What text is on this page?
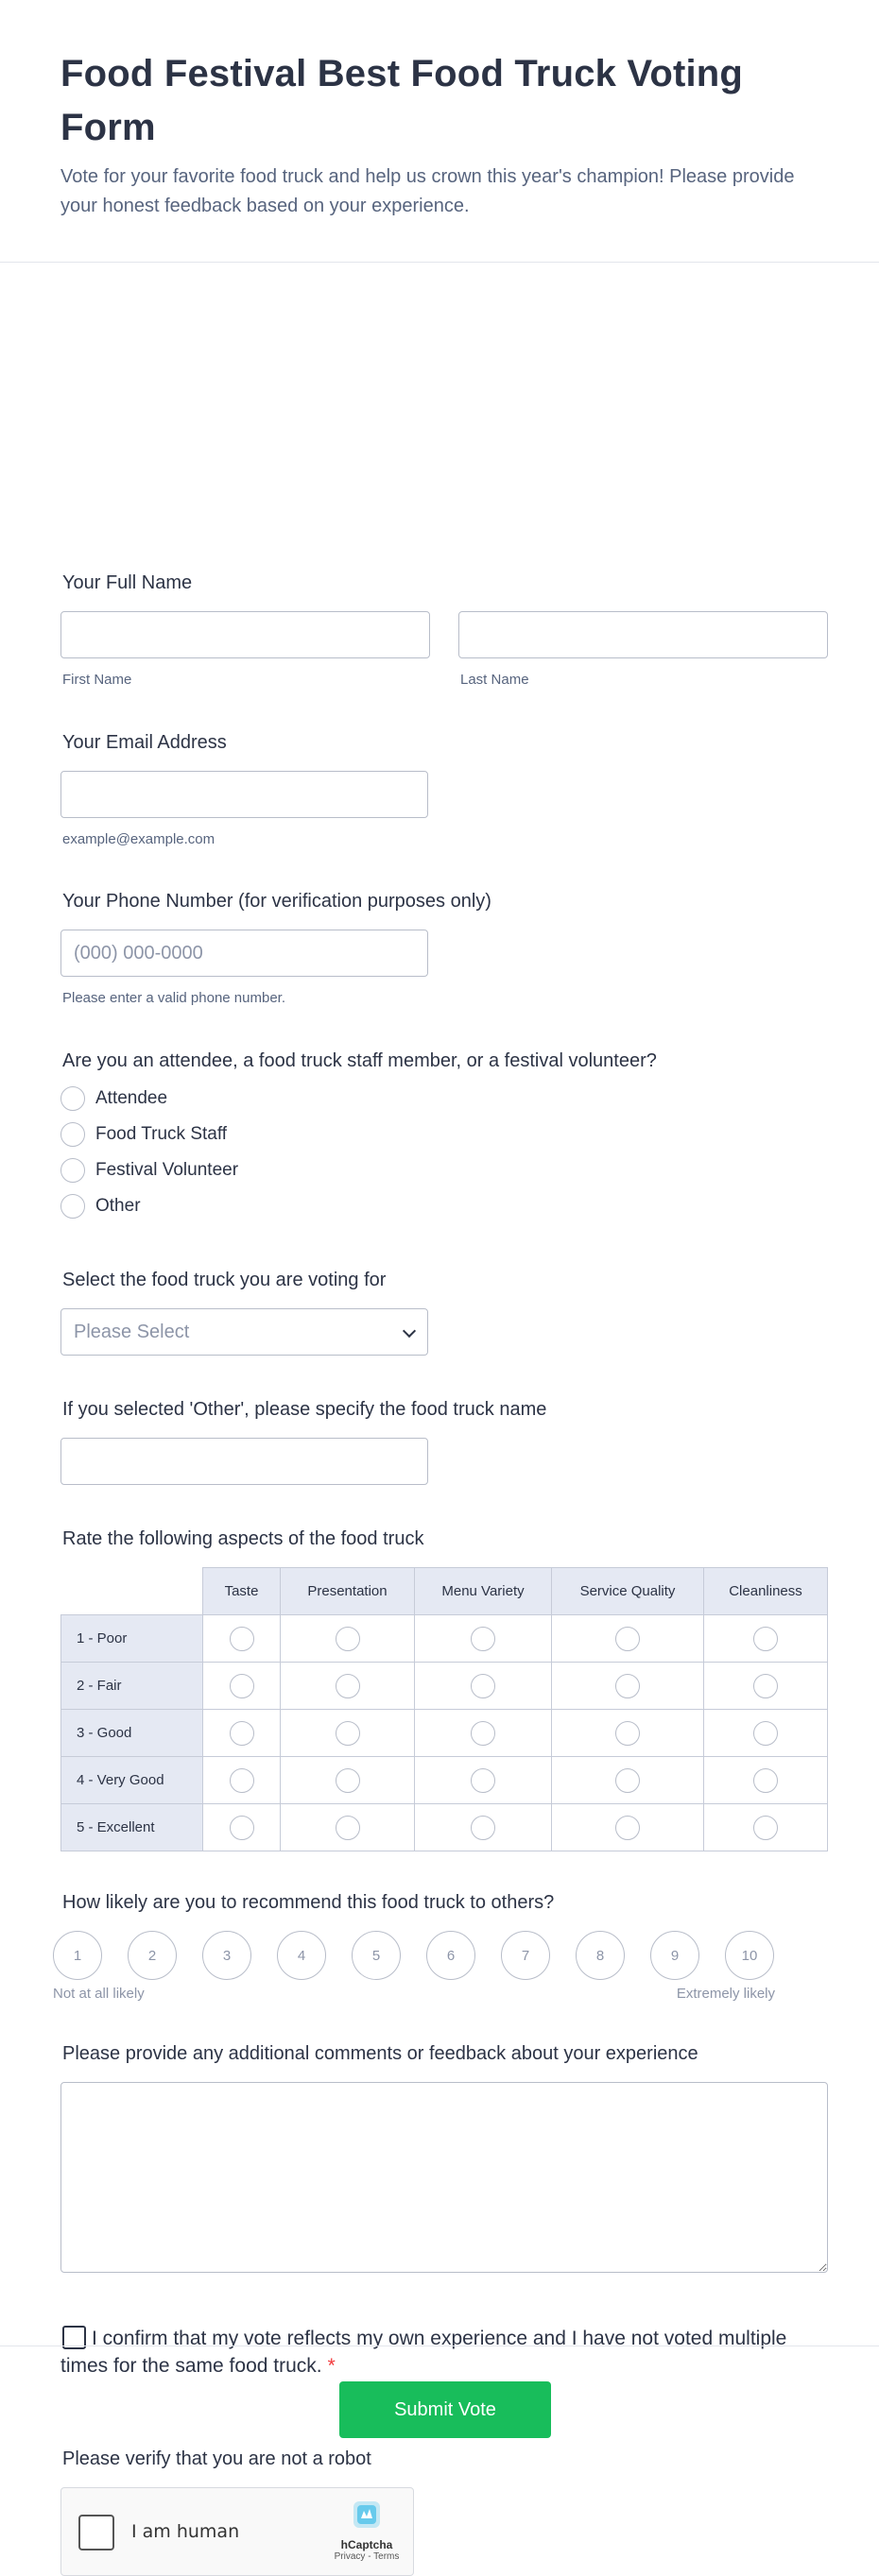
Food Festival Best Food Truck Voting Form

Vote for your favorite food truck and help us crown this year's champion! Please provide your honest feedback based on your experience.

Your Full Name
First Name	Last Name
Your Email Address
example@example.com
Your Phone Number (for verification purposes only)
(000) 000-0000
Please enter a valid phone number.
Are you an attendee, a food truck staff member, or a festival volunteer?
Attendee
Food Truck Staff
Festival Volunteer
Other
Select the food truck you are voting for
Please Select
If you selected 'Other', please specify the food truck name
Rate the following aspects of the food truck
	Taste	Presentation	Menu Variety	Service Quality	Cleanliness
1 - Poor					
2 - Fair					
3 - Good					
4 - Very Good					
5 - Excellent					
How likely are you to recommend this food truck to others?
1	2	3	4	5	6	7	8	9	10
Not at all likely	Extremely likely
Please provide any additional comments or feedback about your experience
I confirm that my vote reflects my own experience and I have not voted multiple times for the same food truck. *
Please verify that you are not a robot
I am human
hCaptcha
Privacy - Terms
Submit Vote
